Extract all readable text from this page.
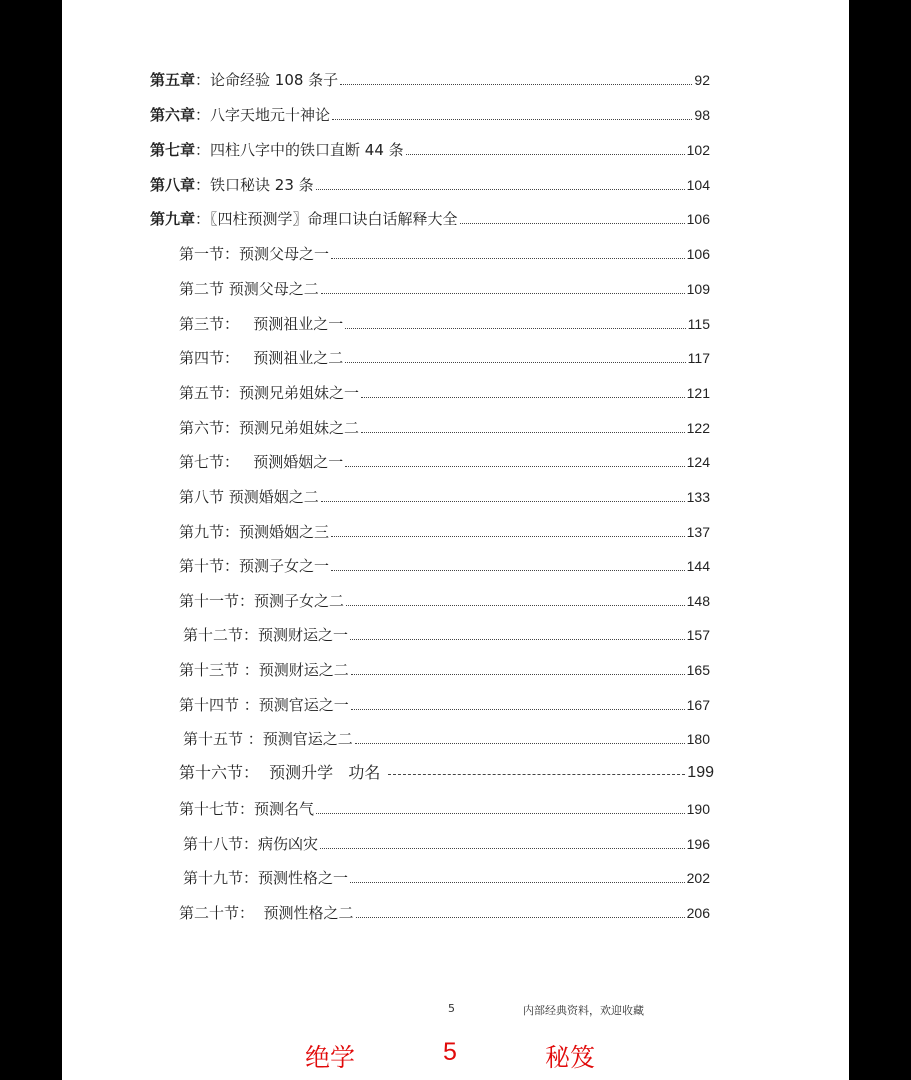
第五章：论命经验 108 条子	92
第六章：八字天地元十神论	98
第七章：四柱八字中的铁口直断 44 条	102
第八章：铁口秘诀 23 条	104
第九章：〖四柱预测学〗命理口诀白话解释大全	106
第一节：预测父母之一	106
第二节 预测父母之二	109
第三节：   预测祖业之一	115
第四节：   预测祖业之二	117
第五节：预测兄弟姐妹之一	121
第六节：预测兄弟姐妹之二	122
第七节：   预测婚姻之一	124
第八节 预测婚姻之二	133
第九节：预测婚姻之三	137
第十节：预测子女之一	144
第十一节：预测子女之二	148
第十二节：预测财运之一	157
第十三节 ：预测财运之二	165
第十四节 ：预测官运之一	167
第十五节 ：预测官运之二	180
第十六节：  预测升学   功名	199
第十七节：预测名气	190
第十八节：病伤凶灾	196
第十九节：预测性格之一	202
第二十节：  预测性格之二	206
5	内部经典资料，欢迎收藏
绝学	5	秘笈
